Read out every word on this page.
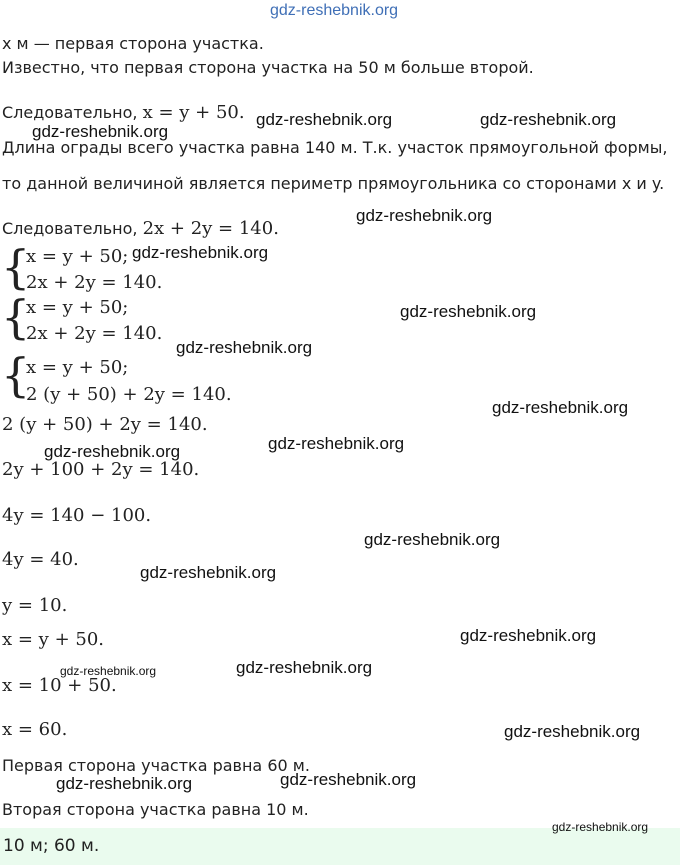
gdz-reshebnik.org
x м — первая сторона участка.
Известно, что первая сторона участка на 50 м больше второй.
Следовательно, x = y + 50.
Длина ограды всего участка равна 140 м. Т.к. участок прямоугольной формы,
то данной величиной является периметр прямоугольника со сторонами x и y.
Следовательно, 2x + 2y = 140.
{
x = y + 50;
2x + 2y = 140.
{
x = y + 50;
2x + 2y = 140.
{
x = y + 50;
2 (y + 50) + 2y = 140.
2 (y + 50) + 2y = 140.
2y + 100 + 2y = 140.
4y = 140 − 100.
4y = 40.
y = 10.
x = y + 50.
x = 10 + 50.
x = 60.
Первая сторона участка равна 60 м.
Вторая сторона участка равна 10 м.
10 м; 60 м.
gdz-reshebnik.org	gdz-reshebnik.org
gdz-reshebnik.org
gdz-reshebnik.org
gdz-reshebnik.org
gdz-reshebnik.org
gdz-reshebnik.org
gdz-reshebnik.org
gdz-reshebnik.org
gdz-reshebnik.org
gdz-reshebnik.org
gdz-reshebnik.org
gdz-reshebnik.org
gdz-reshebnik.org	gdz-reshebnik.org
gdz-reshebnik.org
gdz-reshebnik.org
gdz-reshebnik.org
gdz-reshebnik.org
